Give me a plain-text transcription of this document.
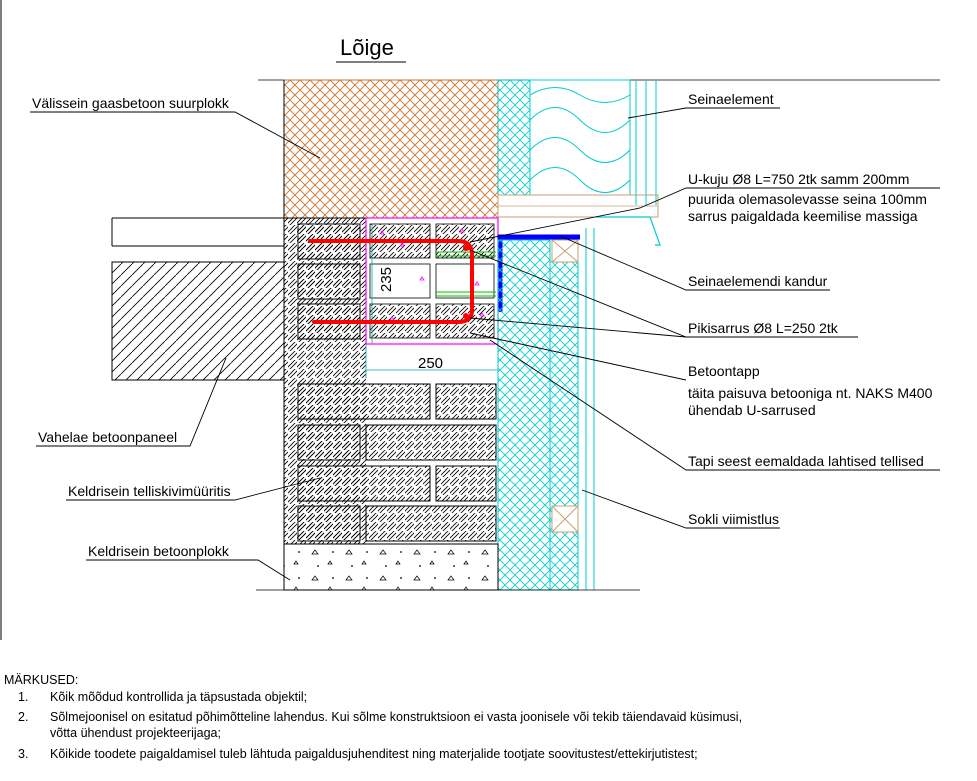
Lõige
235
250
Välissein gaasbetoon suurplokk	Seinaelement
U-kuju Ø8 L=750 2tk samm 200mm
puurida olemasolevasse seina 100mm
sarrus paigaldada keemilise massiga
Seinaelemendi kandur
Pikisarrus Ø8 L=250 2tk
Betoontapp
täita paisuva betooniga nt. NAKS M400
ühendab U-sarrused
Tapi seest eemaldada lahtised tellised
Sokli viimistlus
Vahelae betoonpaneel
Keldrisein telliskivimüüritis
Keldrisein betoonplokk
MÄRKUSED:
1. Kõik mõõdud kontrollida ja täpsustada objektil;
2. Sõlmejoonisel on esitatud põhimõtteline lahendus. Kui sõlme konstruktsioon ei vasta joonisele või tekib täiendavaid küsimusi,
võtta ühendust projekteerijaga;
3. Kõikide toodete paigaldamisel tuleb lähtuda paigaldusjuhenditest ning materjalide tootjate soovitustest/ettekirjutistest;
